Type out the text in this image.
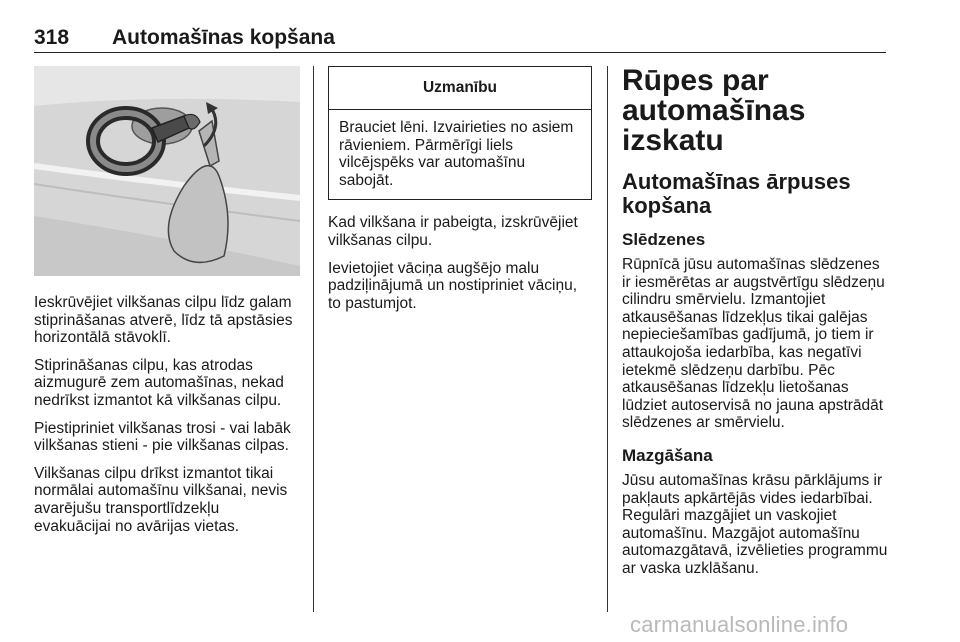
318 Automašīnas kopšana

Ieskrūvējiet vilkšanas cilpu līdz galam stiprināšanas atverē, līdz tā apstāsies horizontālā stāvoklī.

Stiprināšanas cilpu, kas atrodas aizmugurē zem automašīnas, nekad nedrīkst izmantot kā vilkšanas cilpu.

Piestipriniet vilkšanas trosi - vai labāk vilkšanas stieni - pie vilkšanas cilpas.

Vilkšanas cilpu drīkst izmantot tikai normālai automašīnu vilkšanai, nevis avarējušu transportlīdzekļu evakuācijai no avārijas vietas.

Uzmanību
Brauciet lēni. Izvairieties no asiem rāvieniem. Pārmērīgi liels vilcējspēks var automašīnu sabojāt.

Kad vilkšana ir pabeigta, izskrūvējiet vilkšanas cilpu.

Ievietojiet vāciņa augšējo malu padziļinājumā un nostipriniet vāciņu, to pastumjot.

Rūpes par automašīnas izskatu
Automašīnas ārpuses kopšana
Slēdzenes

Rūpnīcā jūsu automašīnas slēdzenes ir iesmērētas ar augstvērtīgu slēdzeņu cilindru smērvielu. Izmantojiet atkausēšanas līdzekļus tikai galējas nepieciešamības gadījumā, jo tiem ir attaukojoša iedarbība, kas negatīvi ietekmē slēdzeņu darbību. Pēc atkausēšanas līdzekļu lietošanas lūdziet autoservisā no jauna apstrādāt slēdzenes ar smērvielu.

Mazgāšana

Jūsu automašīnas krāsu pārklājums ir pakļauts apkārtējās vides iedarbībai. Regulāri mazgājiet un vaskojiet automašīnu. Mazgājot automašīnu automazgātavā, izvēlieties programmu ar vaska uzklāšanu.

carmanualsonline.info
